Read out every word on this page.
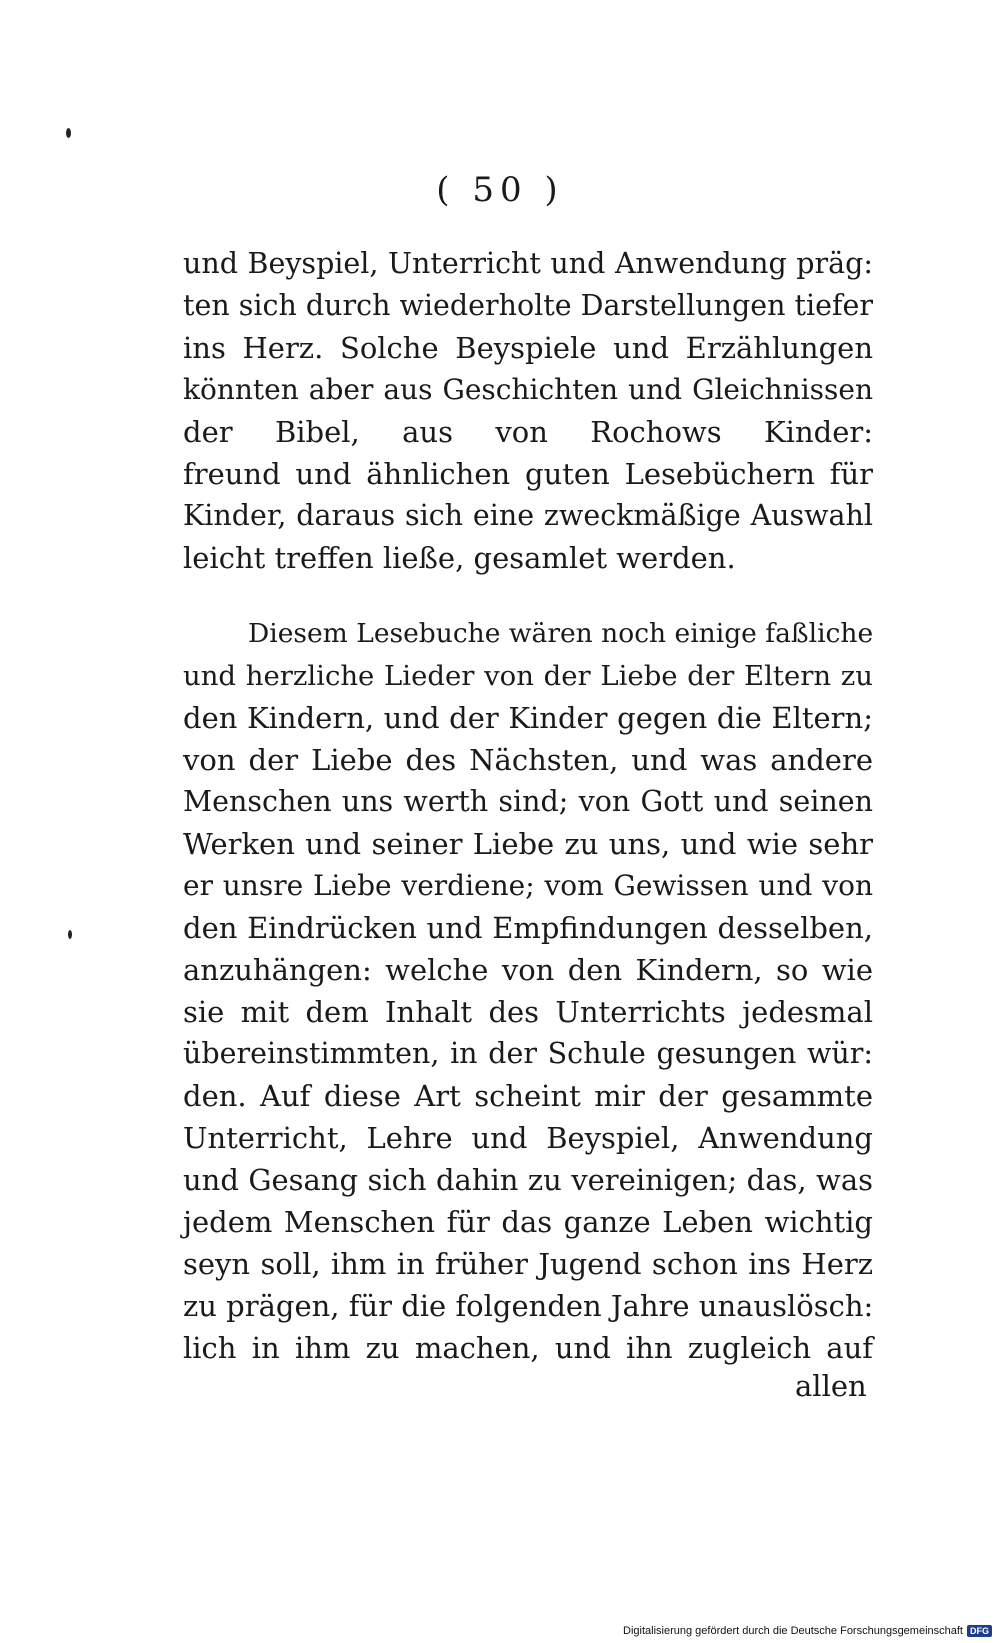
( 50 )
und Beyspiel, Unterricht und Anwendung präg:
ten sich durch wiederholte Darstellungen tiefer
ins Herz. Solche Beyspiele und Erzählungen
könnten aber aus Geschichten und Gleichnissen
der Bibel, aus von Rochows Kinder:
freund und ähnlichen guten Lesebüchern für
Kinder, daraus sich eine zweckmäßige Auswahl
leicht treffen ließe, gesamlet werden.
Diesem Lesebuche wären noch einige faßliche
und herzliche Lieder von der Liebe der Eltern zu
den Kindern, und der Kinder gegen die Eltern;
von der Liebe des Nächsten, und was andere
Menschen uns werth sind; von Gott und seinen
Werken und seiner Liebe zu uns, und wie sehr
er unsre Liebe verdiene; vom Gewissen und von
den Eindrücken und Empfindungen desselben,
anzuhängen: welche von den Kindern, so wie
sie mit dem Inhalt des Unterrichts jedesmal
übereinstimmten, in der Schule gesungen wür:
den. Auf diese Art scheint mir der gesammte
Unterricht, Lehre und Beyspiel, Anwendung
und Gesang sich dahin zu vereinigen; das, was
jedem Menschen für das ganze Leben wichtig
seyn soll, ihm in früher Jugend schon ins Herz
zu prägen, für die folgenden Jahre unauslösch:
lich in ihm zu machen, und ihn zugleich auf
allen
Digitalisierung gefördert durch die Deutsche Forschungsgemeinschaft DFG
